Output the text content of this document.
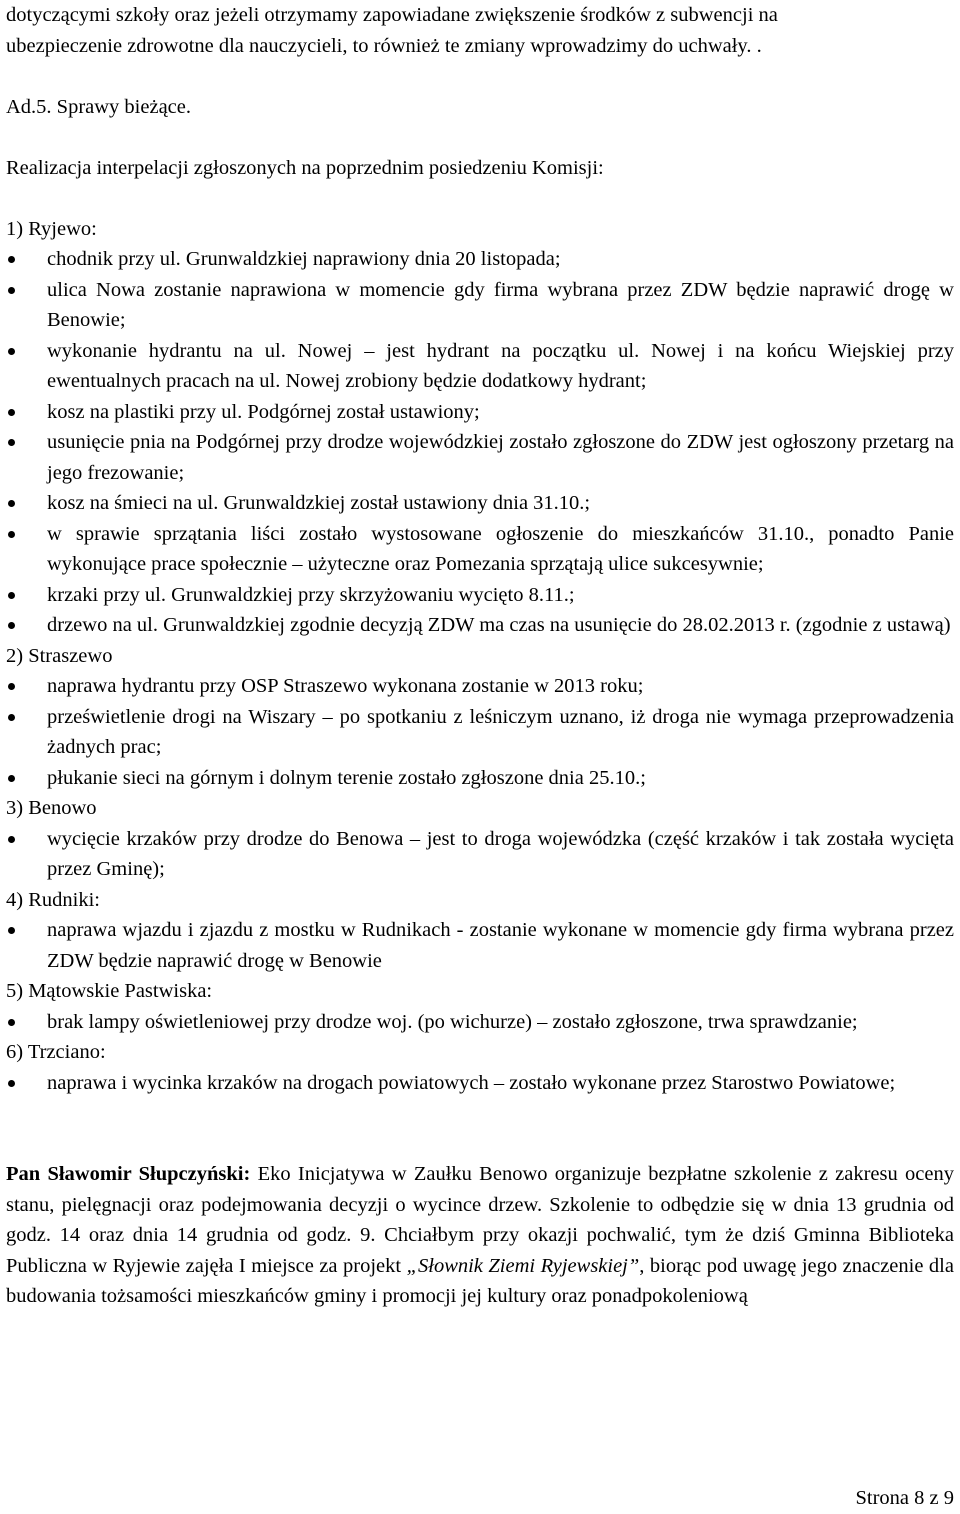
dotyczącymi szkoły oraz jeżeli otrzymamy zapowiadane zwiększenie środków z subwencji na

ubezpieczenie zdrowotne dla nauczycieli, to również te zmiany wprowadzimy do uchwały. .

Ad.5. Sprawy bieżące.

Realizacja interpelacji zgłoszonych na poprzednim posiedzeniu Komisji:

1) Ryjewo:

chodnik przy ul. Grunwaldzkiej naprawiony dnia 20 listopada;
ulica Nowa zostanie naprawiona w momencie gdy firma wybrana przez ZDW będzie naprawić drogę w Benowie;
wykonanie hydrantu na ul. Nowej – jest hydrant na początku ul. Nowej i na końcu Wiejskiej przy ewentualnych pracach na ul. Nowej zrobiony będzie dodatkowy hydrant;
kosz na plastiki przy ul. Podgórnej został ustawiony;
usunięcie pnia na Podgórnej przy drodze wojewódzkiej zostało zgłoszone do ZDW jest ogłoszony przetarg na jego frezowanie;
kosz na śmieci na ul. Grunwaldzkiej został ustawiony dnia 31.10.;
w sprawie sprzątania liści zostało wystosowane ogłoszenie do mieszkańców 31.10., ponadto Panie wykonujące prace społecznie – użyteczne oraz Pomezania sprzątają ulice sukcesywnie;
krzaki przy ul. Grunwaldzkiej przy skrzyżowaniu wycięto 8.11.;
drzewo na ul. Grunwaldzkiej zgodnie decyzją ZDW ma czas na usunięcie do 28.02.2013 r. (zgodnie z ustawą)

2) Straszewo

naprawa hydrantu przy OSP Straszewo wykonana zostanie w 2013 roku;
prześwietlenie drogi na Wiszary – po spotkaniu z leśniczym uznano, iż droga nie wymaga przeprowadzenia żadnych prac;
płukanie sieci na górnym i dolnym terenie zostało zgłoszone dnia 25.10.;

3) Benowo

wycięcie krzaków przy drodze do Benowa – jest to droga wojewódzka (część krzaków i tak została wycięta przez Gminę);

4) Rudniki:

naprawa wjazdu i zjazdu z mostku w Rudnikach - zostanie wykonane w momencie gdy firma wybrana przez ZDW będzie naprawić drogę w Benowie

5) Mątowskie Pastwiska:

brak lampy oświetleniowej przy drodze woj. (po wichurze) – zostało zgłoszone, trwa sprawdzanie;

6) Trzciano:

naprawa i wycinka krzaków na drogach powiatowych – zostało wykonane przez Starostwo Powiatowe;

Pan Sławomir Słupczyński: Eko Inicjatywa w Zaułku Benowo organizuje bezpłatne szkolenie z zakresu oceny stanu, pielęgnacji oraz podejmowania decyzji o wycince drzew. Szkolenie to odbędzie się w dnia 13 grudnia od godz. 14 oraz dnia 14 grudnia od godz. 9. Chciałbym przy okazji pochwalić, tym że dziś Gminna Biblioteka Publiczna w Ryjewie zajęła I miejsce za projekt „Słownik Ziemi Ryjewskiej”, biorąc pod uwagę jego znaczenie dla budowania tożsamości mieszkańców gminy i promocji jej kultury oraz ponadpokoleniową

Strona 8 z 9
